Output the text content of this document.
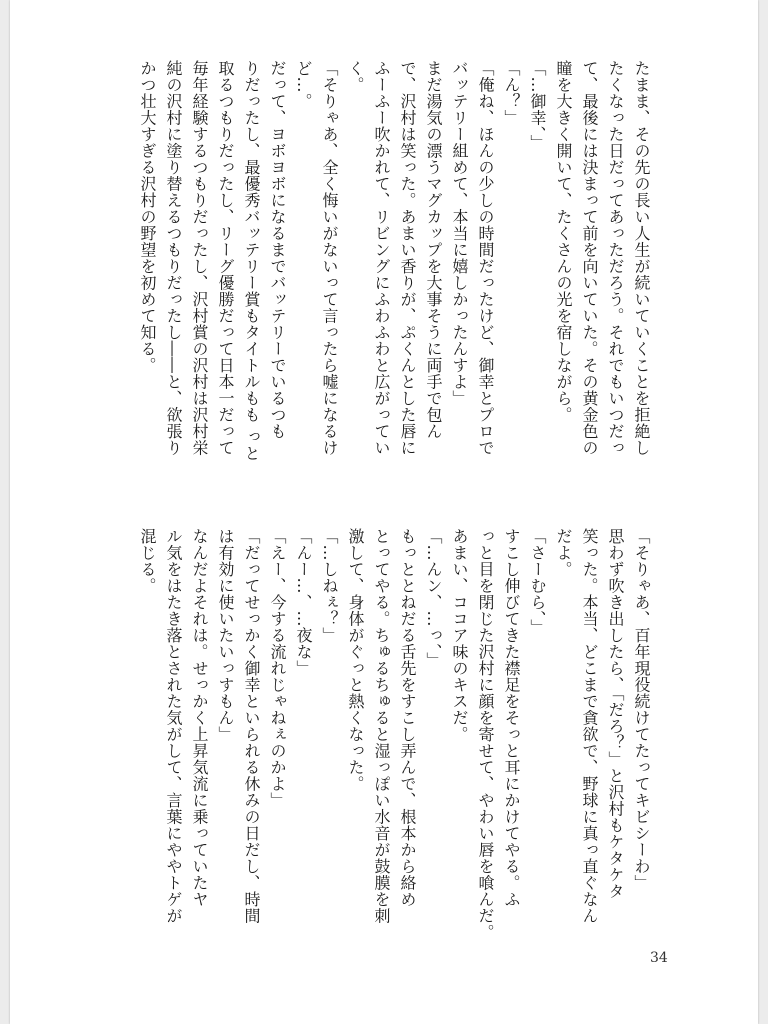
たまま、その先の長い人生が続いていくことを拒絶し

たくなった日だってあっただろう。それでもいつだっ

て、最後には決まって前を向いていた。その黄金色の

瞳を大きく開いて、たくさんの光を宿しながら。

「…御幸、」

「ん？」

「俺ね、ほんの少しの時間だったけど、御幸とプロで

バッテリー組めて、本当に嬉しかったんすよ」

まだ湯気の漂うマグカップを大事そうに両手で包ん

で、沢村は笑った。あまい香りが、ぷくんとした唇に

ふーふー吹かれて、リビングにふわふわと広がってい

く。

「そりゃあ、全く悔いがないって言ったら嘘になるけ

ど…。

だって、ヨボヨボになるまでバッテリーでいるつも

りだったし、最優秀バッテリー賞もタイトルもも っと

取るつもりだったし、リーグ優勝だって日本一だって

毎年経験するつもりだったし、沢村賞の沢村は沢村栄

純の沢村に塗り替えるつもりだったし――と、欲張り

かつ壮大すぎる沢村の野望を初めて知る。

「そりゃあ、百年現役続けてたってキビシーわ」

思わず吹き出したら、「だろ？」と沢村もケタケタ

笑った。本当、どこまで貪欲で、野球に真っ直ぐなん

だよ。

「さーむら、」

すこし伸びてきた襟足をそっと耳にかけてやる。ふ

っと目を閉じた沢村に顔を寄せて、やわい唇を喰んだ。

あまい、ココア味のキスだ。

「…んン、…っ、」

もっととねだる舌先をすこし弄んで、根本から絡め

とってやる。ちゅるちゅると湿っぽい水音が鼓膜を刺

激して、身体がぐっと熱くなった。

「…しねぇ？」

「んー…、…夜な」

「えー、今する流れじゃねぇのかよ」

「だってせっかく御幸といられる休みの日だし、時間

は有効に使いたいっすもん」

なんだよそれは。せっかく上昇気流に乗っていたヤ

ル気をはたき落とされた気がして、言葉にややトゲが

混じる。

34
